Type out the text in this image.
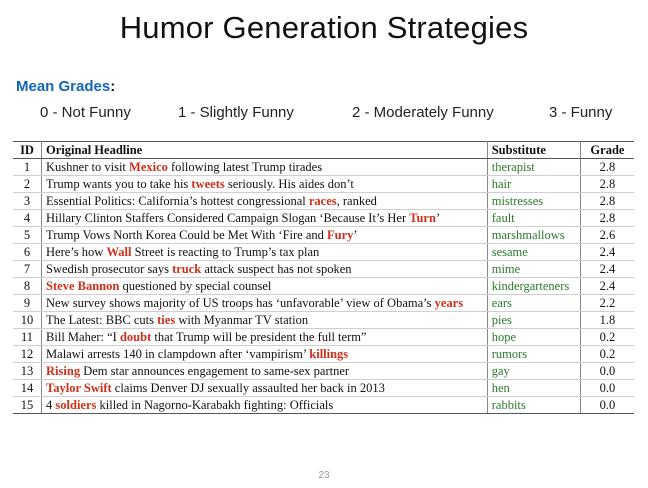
Humor Generation Strategies
Mean Grades:
0 - Not Funny	1 - Slightly Funny	2 - Moderately Funny	3 - Funny
ID	Original Headline	Substitute	Grade
1	Kushner to visit Mexico following latest Trump tirades	therapist	2.8
2	Trump wants you to take his tweets seriously. His aides don’t	hair	2.8
3	Essential Politics: California’s hottest congressional races, ranked	mistresses	2.8
4	Hillary Clinton Staffers Considered Campaign Slogan ‘Because It’s Her Turn’	fault	2.8
5	Trump Vows North Korea Could be Met With ‘Fire and Fury’	marshmallows	2.6
6	Here’s how Wall Street is reacting to Trump’s tax plan	sesame	2.4
7	Swedish prosecutor says truck attack suspect has not spoken	mime	2.4
8	Steve Bannon questioned by special counsel	kindergarteners	2.4
9	New survey shows majority of US troops has ‘unfavorable’ view of Obama’s years	ears	2.2
10	The Latest: BBC cuts ties with Myanmar TV station	pies	1.8
11	Bill Maher: “I doubt that Trump will be president the full term”	hope	0.2
12	Malawi arrests 140 in clampdown after ‘vampirism’ killings	rumors	0.2
13	Rising Dem star announces engagement to same-sex partner	gay	0.0
14	Taylor Swift claims Denver DJ sexually assaulted her back in 2013	hen	0.0
15	4 soldiers killed in Nagorno-Karabakh fighting: Officials	rabbits	0.0
23
